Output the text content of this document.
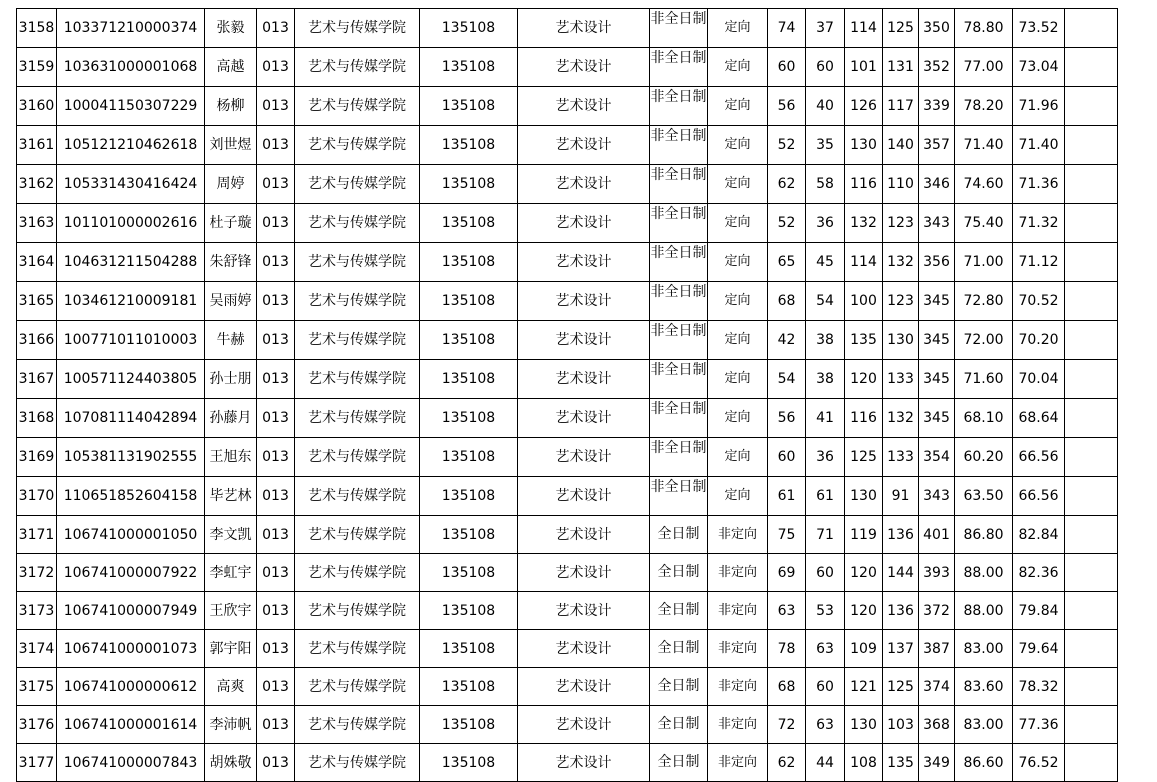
3158	103371210000374	张毅	013	艺术与传媒学院	135108	艺术设计	非全日制	定向	74	37	114	125	350	78.80	73.52	
3159	103631000001068	高越	013	艺术与传媒学院	135108	艺术设计	非全日制	定向	60	60	101	131	352	77.00	73.04	
3160	100041150307229	杨柳	013	艺术与传媒学院	135108	艺术设计	非全日制	定向	56	40	126	117	339	78.20	71.96	
3161	105121210462618	刘世煜	013	艺术与传媒学院	135108	艺术设计	非全日制	定向	52	35	130	140	357	71.40	71.40	
3162	105331430416424	周婷	013	艺术与传媒学院	135108	艺术设计	非全日制	定向	62	58	116	110	346	74.60	71.36	
3163	101101000002616	杜子璇	013	艺术与传媒学院	135108	艺术设计	非全日制	定向	52	36	132	123	343	75.40	71.32	
3164	104631211504288	朱舒锋	013	艺术与传媒学院	135108	艺术设计	非全日制	定向	65	45	114	132	356	71.00	71.12	
3165	103461210009181	吴雨婷	013	艺术与传媒学院	135108	艺术设计	非全日制	定向	68	54	100	123	345	72.80	70.52	
3166	100771011010003	牛赫	013	艺术与传媒学院	135108	艺术设计	非全日制	定向	42	38	135	130	345	72.00	70.20	
3167	100571124403805	孙士朋	013	艺术与传媒学院	135108	艺术设计	非全日制	定向	54	38	120	133	345	71.60	70.04	
3168	107081114042894	孙藤月	013	艺术与传媒学院	135108	艺术设计	非全日制	定向	56	41	116	132	345	68.10	68.64	
3169	105381131902555	王旭东	013	艺术与传媒学院	135108	艺术设计	非全日制	定向	60	36	125	133	354	60.20	66.56	
3170	110651852604158	毕艺林	013	艺术与传媒学院	135108	艺术设计	非全日制	定向	61	61	130	91	343	63.50	66.56	
3171	106741000001050	李文凯	013	艺术与传媒学院	135108	艺术设计	全日制	非定向	75	71	119	136	401	86.80	82.84	
3172	106741000007922	李虹宇	013	艺术与传媒学院	135108	艺术设计	全日制	非定向	69	60	120	144	393	88.00	82.36	
3173	106741000007949	王欣宇	013	艺术与传媒学院	135108	艺术设计	全日制	非定向	63	53	120	136	372	88.00	79.84	
3174	106741000001073	郭宇阳	013	艺术与传媒学院	135108	艺术设计	全日制	非定向	78	63	109	137	387	83.00	79.64	
3175	106741000000612	高爽	013	艺术与传媒学院	135108	艺术设计	全日制	非定向	68	60	121	125	374	83.60	78.32	
3176	106741000001614	李沛帆	013	艺术与传媒学院	135108	艺术设计	全日制	非定向	72	63	130	103	368	83.00	77.36	
3177	106741000007843	胡姝敬	013	艺术与传媒学院	135108	艺术设计	全日制	非定向	62	44	108	135	349	86.60	76.52	
